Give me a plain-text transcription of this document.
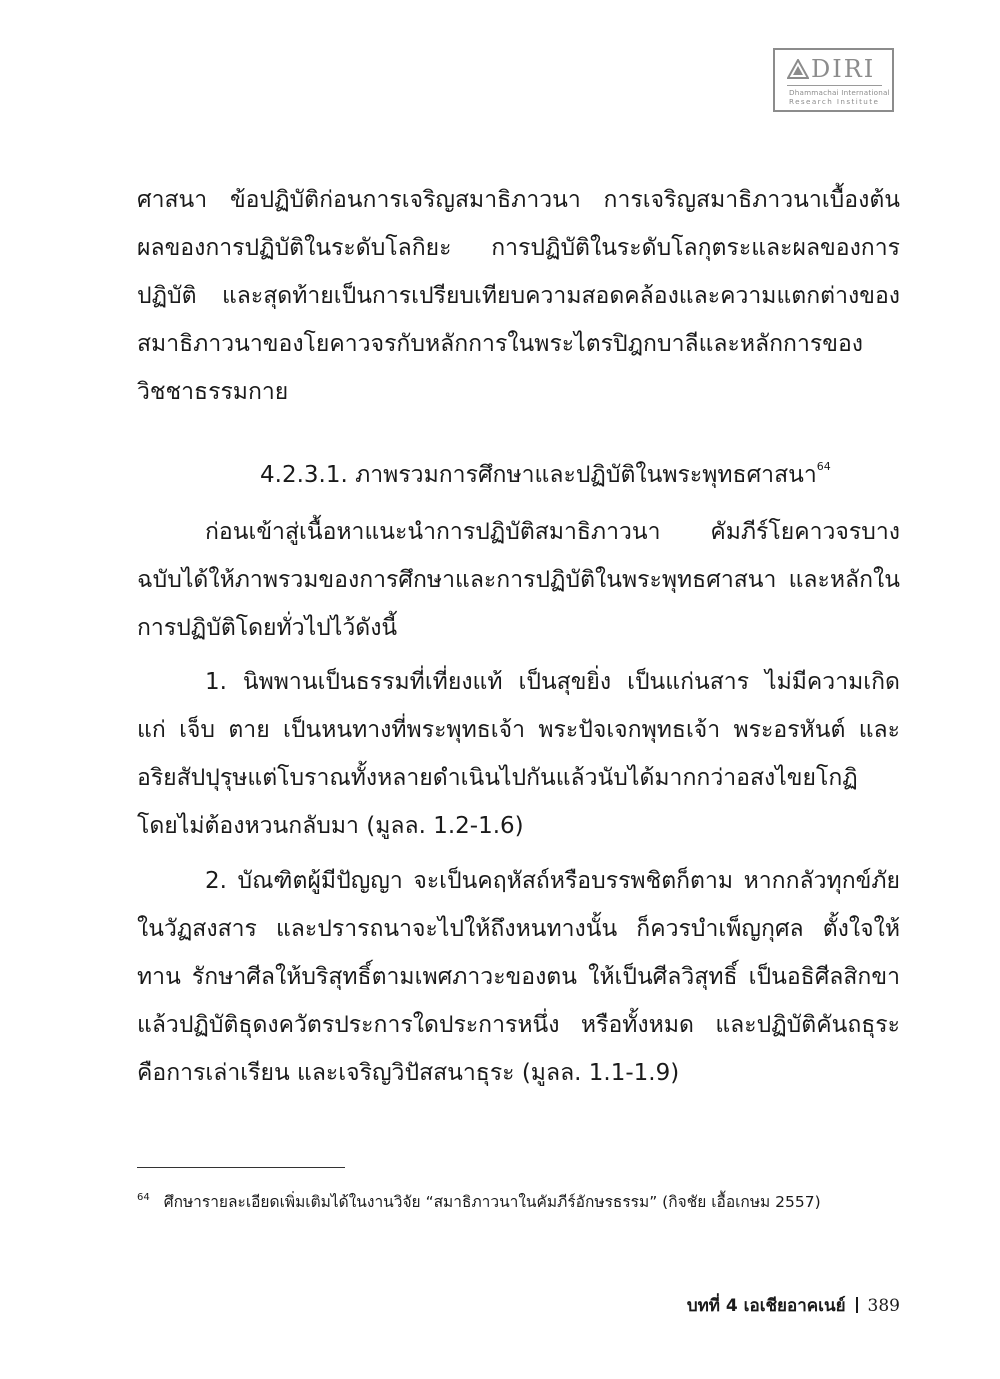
DIRI
Dhammachai International
Research Institute

ศาสนา ข้อปฏิบัติก่อนการเจริญสมาธิภาวนา การเจริญสมาธิภาวนาเบื้องต้น ผลของการปฏิบัติในระดับโลกิยะ การปฏิบัติในระดับโลกุตระและผลของการปฏิบัติ และสุดท้ายเป็นการเปรียบเทียบความสอดคล้องและความแตกต่างของสมาธิภาวนาของโยคาวจรกับหลักการในพระไตรปิฎกบาลีและหลักการของวิชชาธรรมกาย

4.2.3.1. ภาพรวมการศึกษาและปฏิบัติในพระพุทธศาสนา$^{64}$

ก่อนเข้าสู่เนื้อหาแนะนำการปฏิบัติสมาธิภาวนา คัมภีร์โยคาวจรบางฉบับได้ให้ภาพรวมของการศึกษาและการปฏิบัติในพระพุทธศาสนา และหลักในการปฏิบัติโดยทั่วไปไว้ดังนี้

1. นิพพานเป็นธรรมที่เที่ยงแท้ เป็นสุขยิ่ง เป็นแก่นสาร ไม่มีความเกิด แก่ เจ็บ ตาย เป็นหนทางที่พระพุทธเจ้า พระปัจเจกพุทธเจ้า พระอรหันต์ และอริยสัปปุรุษแต่โบราณทั้งหลายดำเนินไปกันแล้วนับได้มากกว่าอสงไขยโกฏิ โดยไม่ต้องหวนกลับมา (มูลล. 1.2-1.6)

2. บัณฑิตผู้มีปัญญา จะเป็นคฤหัสถ์หรือบรรพชิตก็ตาม หากกลัวทุกข์ภัยในวัฏสงสาร และปรารถนาจะไปให้ถึงหนทางนั้น ก็ควรบำเพ็ญกุศล ตั้งใจให้ทาน รักษาศีลให้บริสุทธิ์ตามเพศภาวะของตน ให้เป็นศีลวิสุทธิ์ เป็นอธิศีลสิกขา แล้วปฏิบัติธุดงควัตรประการใดประการหนึ่ง หรือทั้งหมด และปฏิบัติคันถธุระคือการเล่าเรียน และเจริญวิปัสสนาธุระ (มูลล. 1.1-1.9)

$^{64}$ ศึกษารายละเอียดเพิ่มเติมได้ในงานวิจัย “สมาธิภาวนาในคัมภีร์อักษรธรรม” (กิจชัย เอื้อเกษม 2557)
บทที่ 4 เอเชียอาคเนย์ 389
